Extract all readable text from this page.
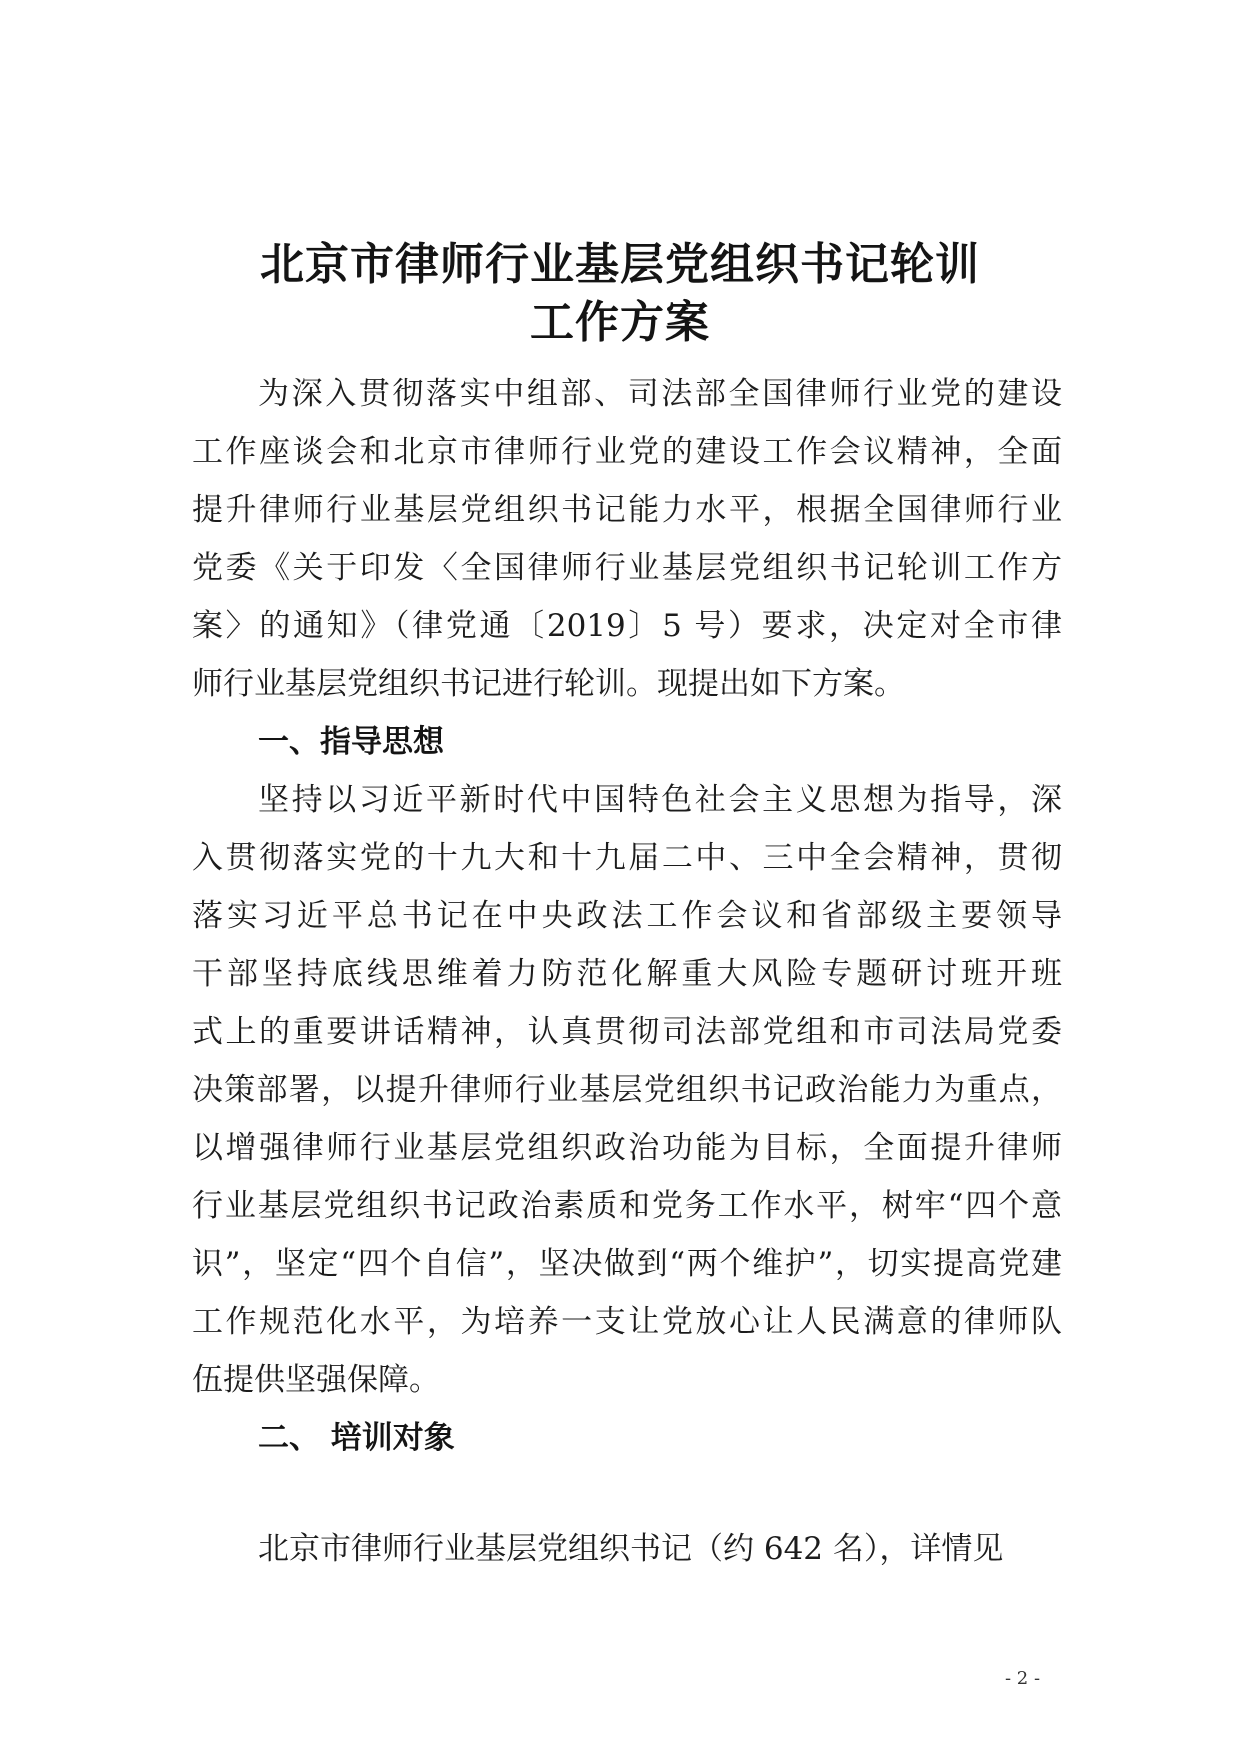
北京市律师行业基层党组织书记轮训
工作方案
为深入贯彻落实中组部、司法部全国律师行业党的建设
工作座谈会和北京市律师行业党的建设工作会议精神，全面
提升律师行业基层党组织书记能力水平，根据全国律师行业
党委《关于印发〈全国律师行业基层党组织书记轮训工作方
案〉的通知》（律党通〔2019〕5 号）要求，决定对全市律
师行业基层党组织书记进行轮训。现提出如下方案。
一、指导思想
坚持以习近平新时代中国特色社会主义思想为指导，深
入贯彻落实党的十九大和十九届二中、三中全会精神，贯彻
落实习近平总书记在中央政法工作会议和省部级主要领导
干部坚持底线思维着力防范化解重大风险专题研讨班开班
式上的重要讲话精神，认真贯彻司法部党组和市司法局党委
决策部署，以提升律师行业基层党组织书记政治能力为重点，
以增强律师行业基层党组织政治功能为目标，全面提升律师
行业基层党组织书记政治素质和党务工作水平，树牢“四个意
识”，坚定“四个自信”，坚决做到“两个维护”，切实提高党建
工作规范化水平，为培养一支让党放心让人民满意的律师队
伍提供坚强保障。
二、 培训对象
北京市律师行业基层党组织书记（约 642 名），详情见
- 2 -
